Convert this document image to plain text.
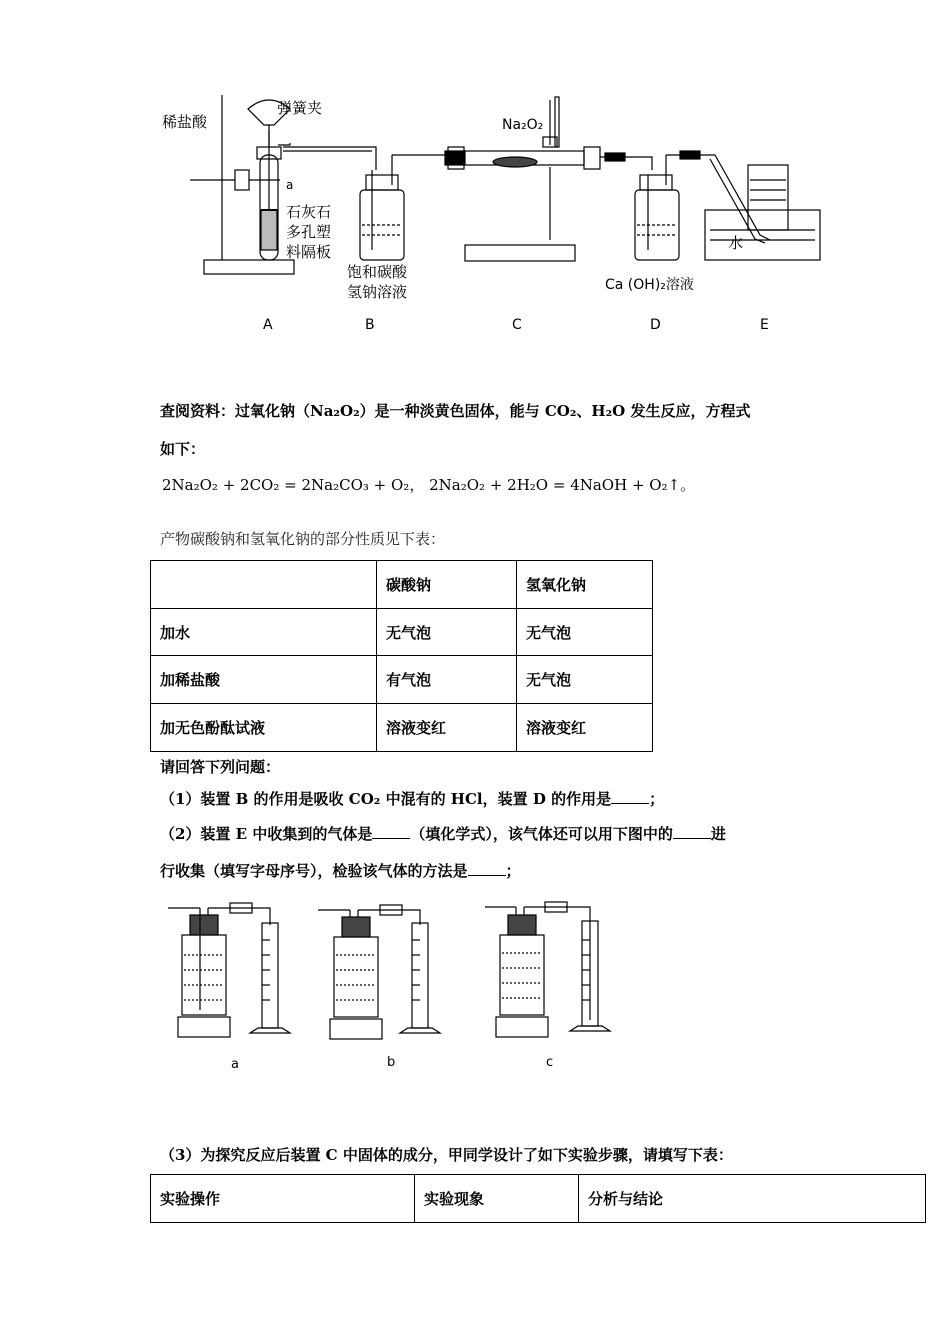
稀盐酸
弹簧夹
a
石灰石
多孔塑
料隔板
饱和碳酸
氢钠溶液
Na₂O₂
Ca (OH)₂溶液
水
A	B	C	D	E
查阅资料：过氧化钠（Na₂O₂）是一种淡黄色固体，能与 CO₂、H₂O 发生反应，方程式
如下：
2Na₂O₂ + 2CO₂ = 2Na₂CO₃ + O₂， 2Na₂O₂ + 2H₂O = 4NaOH + O₂↑。
产物碳酸钠和氢氧化钠的部分性质见下表：
	碳酸钠	氢氧化钠
加水	无气泡	无气泡
加稀盐酸	有气泡	无气泡
加无色酚酞试液	溶液变红	溶液变红
请回答下列问题：
（1）装置 B 的作用是吸收 CO₂ 中混有的 HCl，装置 D 的作用是	；
（2）装置 E 中收集到的气体是	（填化学式），该气体还可以用下图中的	进
行收集（填写字母序号），检验该气体的方法是	；
a	b	c
（3）为探究反应后装置 C 中固体的成分，甲同学设计了如下实验步骤，请填写下表：
实验操作	实验现象	分析与结论
